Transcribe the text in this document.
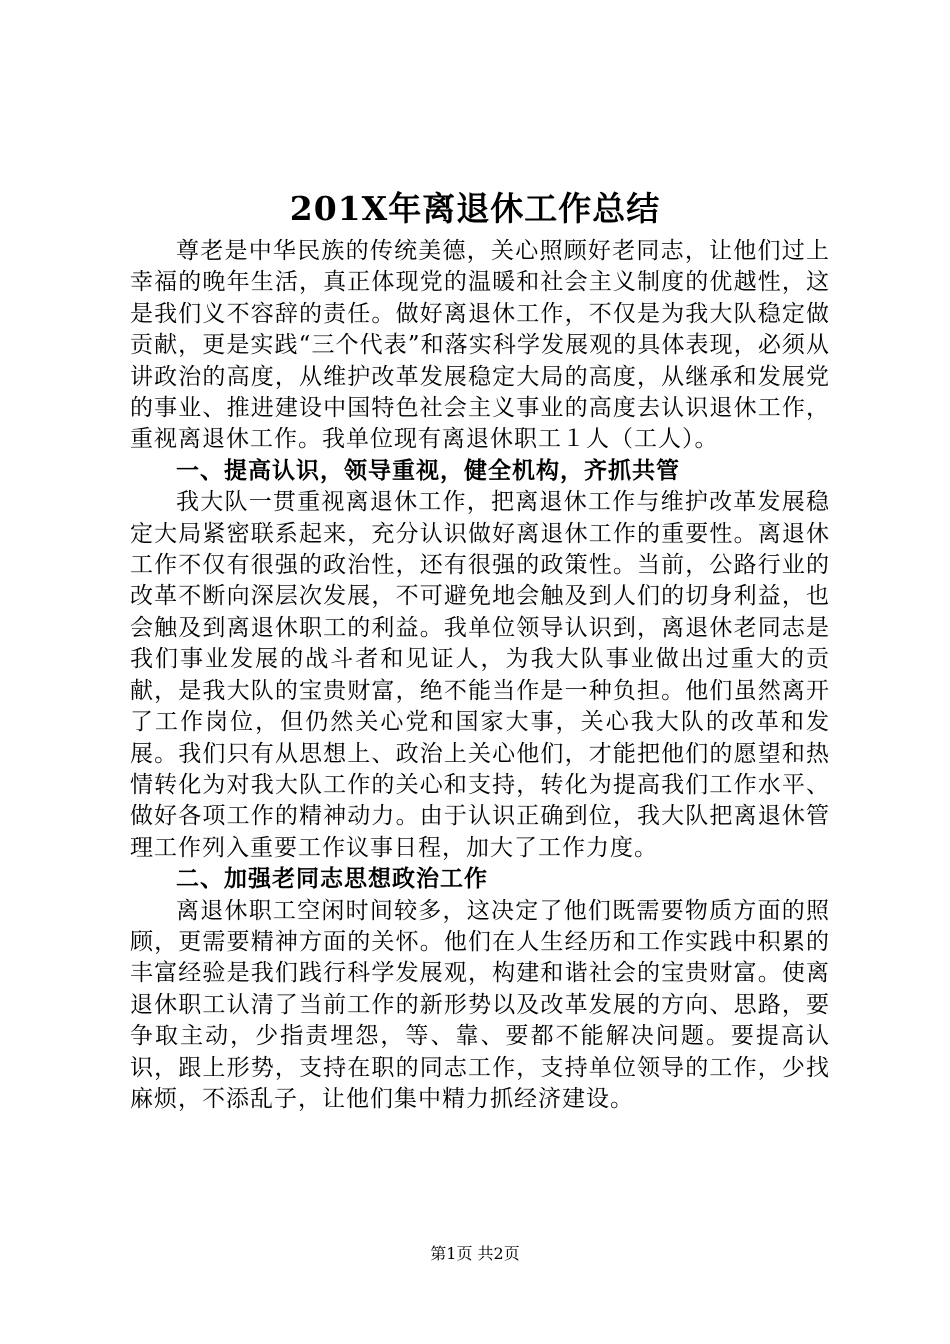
201X年离退休工作总结

尊老是中华民族的传统美德，关心照顾好老同志，让他们过上幸福的晚年生活，真正体现党的温暖和社会主义制度的优越性，这是我们义不容辞的责任。做好离退休工作，不仅是为我大队稳定做贡献，更是实践“三个代表”和落实科学发展观的具体表现，必须从讲政治的高度，从维护改革发展稳定大局的高度，从继承和发展党的事业、推进建设中国特色社会主义事业的高度去认识退休工作，重视离退休工作。我单位现有离退休职工１人（工人）。

一、提高认识，领导重视，健全机构，齐抓共管

我大队一贯重视离退休工作，把离退休工作与维护改革发展稳定大局紧密联系起来，充分认识做好离退休工作的重要性。离退休工作不仅有很强的政治性，还有很强的政策性。当前，公路行业的改革不断向深层次发展，不可避免地会触及到人们的切身利益，也会触及到离退休职工的利益。我单位领导认识到，离退休老同志是我们事业发展的战斗者和见证人，为我大队事业做出过重大的贡献，是我大队的宝贵财富，绝不能当作是一种负担。他们虽然离开了工作岗位，但仍然关心党和国家大事，关心我大队的改革和发展。我们只有从思想上、政治上关心他们，才能把他们的愿望和热情转化为对我大队工作的关心和支持，转化为提高我们工作水平、做好各项工作的精神动力。由于认识正确到位，我大队把离退休管理工作列入重要工作议事日程，加大了工作力度。

二、加强老同志思想政治工作

离退休职工空闲时间较多，这决定了他们既需要物质方面的照顾，更需要精神方面的关怀。他们在人生经历和工作实践中积累的丰富经验是我们践行科学发展观，构建和谐社会的宝贵财富。使离退休职工认清了当前工作的新形势以及改革发展的方向、思路，要争取主动，少指责埋怨，等、靠、要都不能解决问题。要提高认识，跟上形势，支持在职的同志工作，支持单位领导的工作，少找麻烦，不添乱子，让他们集中精力抓经济建设。

第1页 共2页
